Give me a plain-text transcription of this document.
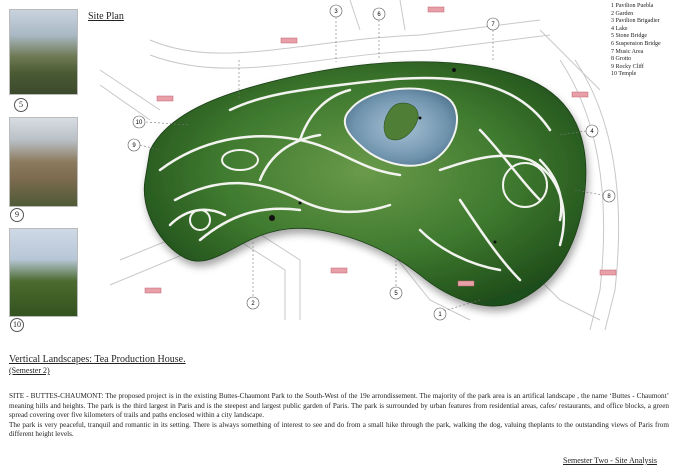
5
9
10
Site Plan
1 Pavilion Puebla
2 Garden
3 Pavilion Brigadier
4 Lake
5 Stone Bridge
6 Suspension Bridge
7 Music Area
8 Grotto
9 Rocky Cliff
10 Temple
1
2
3
4
5
6
7
8
9
10
Vertical Landscapes: Tea Production House.
(Semester 2)

SITE - BUTTES-CHAUMONT: The proposed project is in the existing Buttes-Chaumont Park to the South-West of the 19e arrondissement. The majority of the park area is an artifical landscape , the name ‘Buttes - Chaumont’ meaning hills and heights. The park is the third largest in Paris and is the steepest and largest public garden of Paris. The park is surrounded by urban features from residential areas, cafes/ restaurants, and office blocks, a green spread covering over five kilometers of trails and paths enclosed within a city landscape.

The park is very peaceful, tranquil and romantic in its setting. There is always something of interest to see and do from a small hike through the park, walking the dog, valuing theplants to the outstanding views of Paris from different height levels.

Semester Two - Site Analysis
